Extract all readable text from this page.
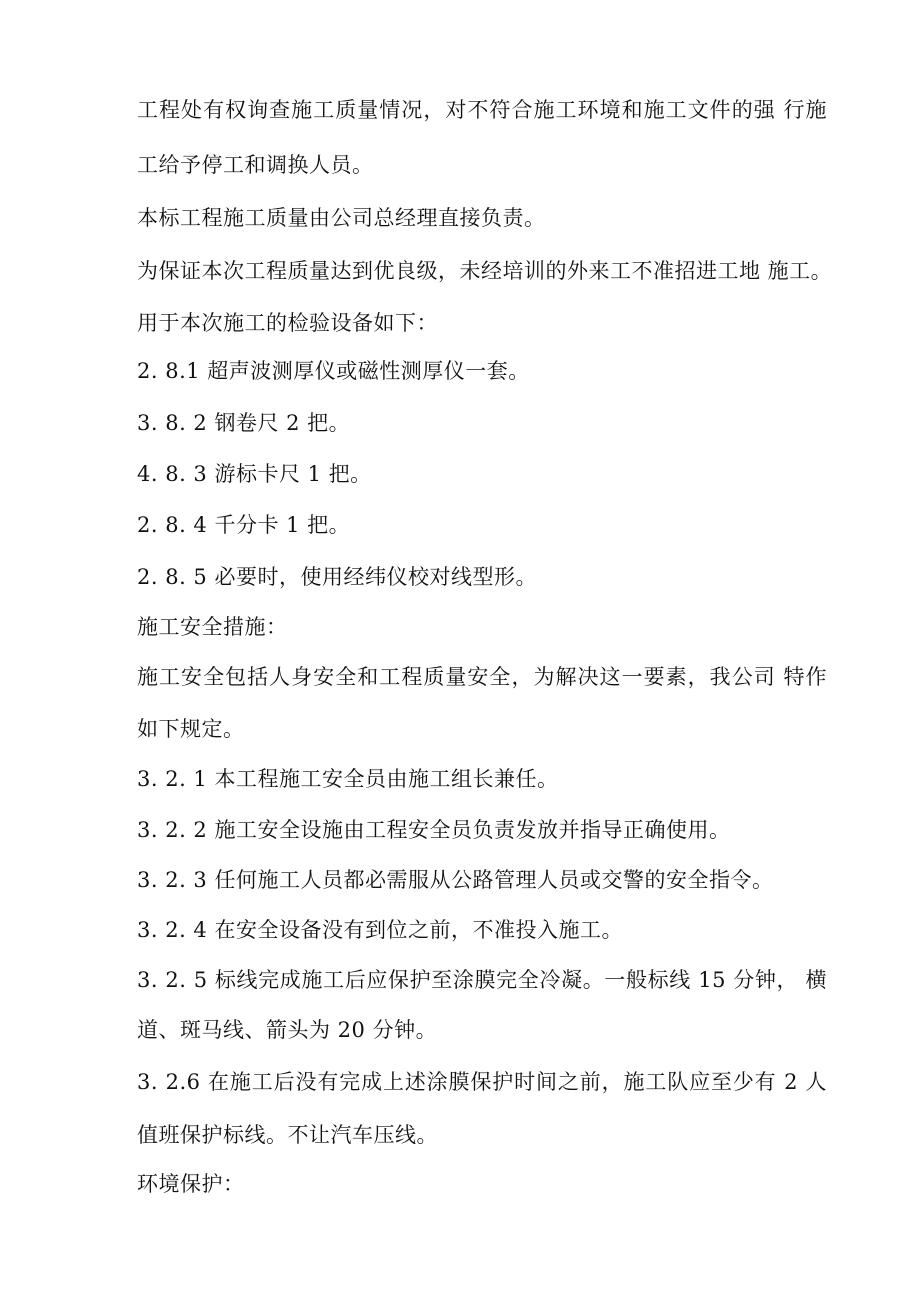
工程处有权询查施工质量情况，对不符合施工环境和施工文件的强 行施
工给予停工和调换人员。
本标工程施工质量由公司总经理直接负责。
为保证本次工程质量达到优良级，未经培训的外来工不准招进工地 施工。
用于本次施工的检验设备如下：
2. 8.1 超声波测厚仪或磁性测厚仪一套。
3. 8. 2 钢卷尺 2 把。
4. 8. 3 游标卡尺 1 把。
2. 8. 4 千分卡 1 把。
2. 8. 5 必要时，使用经纬仪校对线型形。
施工安全措施：
施工安全包括人身安全和工程质量安全，为解决这一要素，我公司 特作
如下规定。
3. 2. 1 本工程施工安全员由施工组长兼任。
3. 2. 2 施工安全设施由工程安全员负责发放并指导正确使用。
3. 2. 3 任何施工人员都必需服从公路管理人员或交警的安全指令。
3. 2. 4 在安全设备没有到位之前，不准投入施工。
3. 2. 5 标线完成施工后应保护至涂膜完全冷凝。一般标线 15 分钟， 横
道、斑马线、箭头为 20 分钟。
3. 2.6 在施工后没有完成上述涂膜保护时间之前，施工队应至少有 2 人
值班保护标线。不让汽车压线。
环境保护：
